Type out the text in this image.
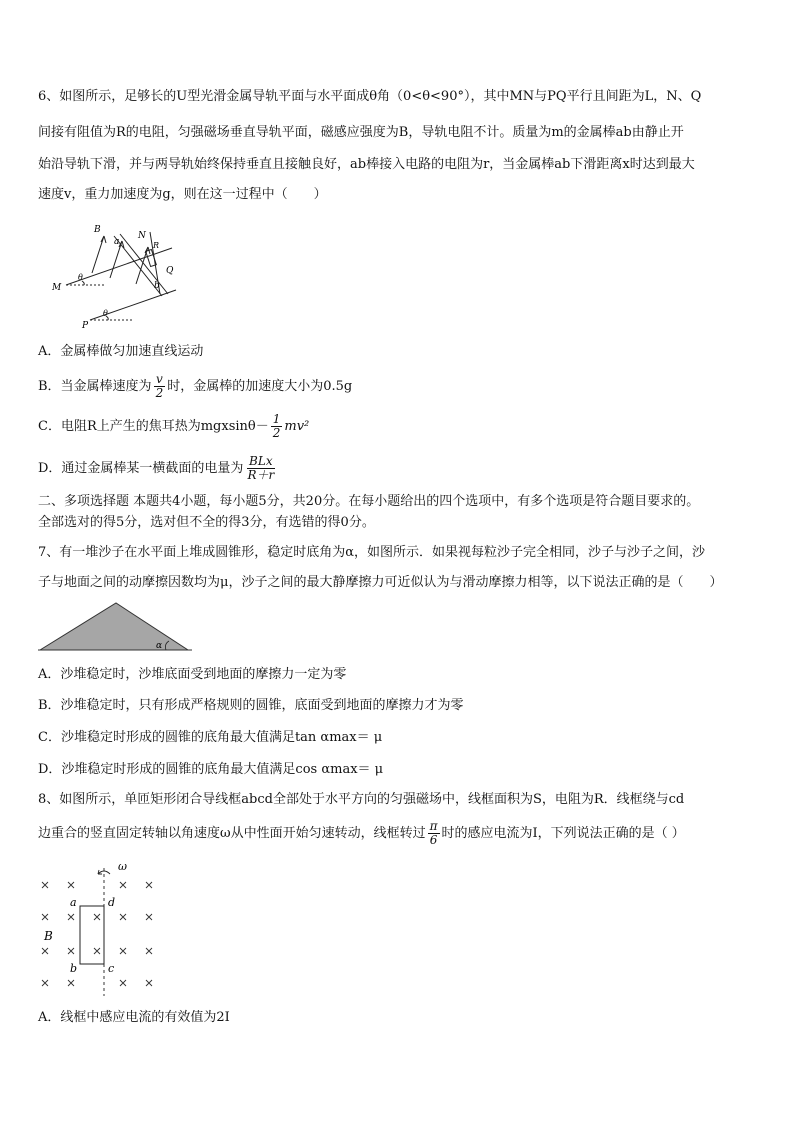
6、如图所示，足够长的U型光滑金属导轨平面与水平面成θ角（0<θ<90°），其中MN与PQ平行且间距为L，N、Q
间接有阻值为R的电阻，匀强磁场垂直导轨平面，磁感应强度为B，导轨电阻不计。质量为m的金属棒ab由静止开
始沿导轨下滑，并与两导轨始终保持垂直且接触良好，ab棒接入电路的电阻为r，当金属棒ab下滑距离x时达到最大
速度v，重力加速度为g，则在这一过程中（　　）
B
a
N
R
Q
b
M
θ
P
θ
A．金属棒做匀加速直线运动
B．当金属棒速度为 $\frac{v}{2}$ 时，金属棒的加速度大小为0.5g
C．电阻R上产生的焦耳热为$mgxsin\theta- \frac{1}{2} mv^2$
D．通过金属棒某一横截面的电量为 $\frac{\text{BLx}}{R+r}$
二、多项选择题 本题共4小题，每小题5分，共20分。在每小题给出的四个选项中，有多个选项是符合题目要求的。
全部选对的得5分，选对但不全的得3分，有选错的得0分。
7、有一堆沙子在水平面上堆成圆锥形，稳定时底角为α，如图所示．如果视每粒沙子完全相同，沙子与沙子之间，沙
子与地面之间的动摩擦因数均为μ，沙子之间的最大静摩擦力可近似认为与滑动摩擦力相等，以下说法正确的是（　　）
α
A．沙堆稳定时，沙堆底面受到地面的摩擦力一定为零
B．沙堆稳定时，只有形成严格规则的圆锥，底面受到地面的摩擦力才为零
C．沙堆稳定时形成的圆锥的底角最大值满足tan αmax＝ μ
D．沙堆稳定时形成的圆锥的底角最大值满足cos αmax＝ μ
8、如图所示，单匝矩形闭合导线框abcd全部处于水平方向的匀强磁场中，线框面积为S，电阻为R．线框绕与cd
边重合的竖直固定转轴以角速度ω从中性面开始匀速转动，线框转过 $\frac{\pi}{6}$ 时的感应电流为I，下列说法正确的是（ ）
ω
a	d
B
b	c
A．线框中感应电流的有效值为2I
